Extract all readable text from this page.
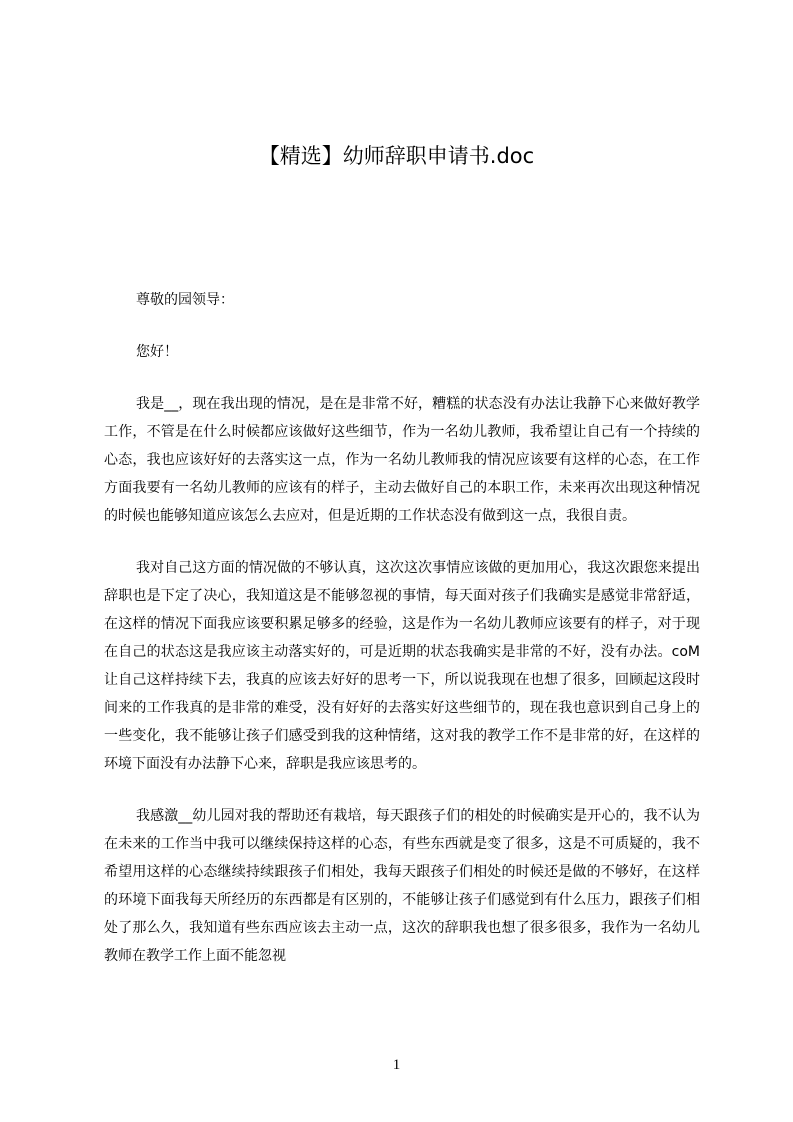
【精选】幼师辞职申请书.doc

尊敬的园领导：

您好！

我是__，现在我出现的情况，是在是非常不好，糟糕的状态没有办法让我静下心来做好教学工作，不管是在什么时候都应该做好这些细节，作为一名幼儿教师，我希望让自己有一个持续的心态，我也应该好好的去落实这一点，作为一名幼儿教师我的情况应该要有这样的心态，在工作方面我要有一名幼儿教师的应该有的样子，主动去做好自己的本职工作，未来再次出现这种情况的时候也能够知道应该怎么去应对，但是近期的工作状态没有做到这一点，我很自责。

我对自己这方面的情况做的不够认真，这次这次事情应该做的更加用心，我这次跟您来提出辞职也是下定了决心，我知道这是不能够忽视的事情，每天面对孩子们我确实是感觉非常舒适，在这样的情况下面我应该要积累足够多的经验，这是作为一名幼儿教师应该要有的样子，对于现在自己的状态这是我应该主动落实好的，可是近期的状态我确实是非常的不好，没有办法。coM让自己这样持续下去，我真的应该去好好的思考一下，所以说我现在也想了很多，回顾起这段时间来的工作我真的是非常的难受，没有好好的去落实好这些细节的，现在我也意识到自己身上的一些变化，我不能够让孩子们感受到我的这种情绪，这对我的教学工作不是非常的好，在这样的环境下面没有办法静下心来，辞职是我应该思考的。

我感激__幼儿园对我的帮助还有栽培，每天跟孩子们的相处的时候确实是开心的，我不认为在未来的工作当中我可以继续保持这样的心态，有些东西就是变了很多，这是不可质疑的，我不希望用这样的心态继续持续跟孩子们相处，我每天跟孩子们相处的时候还是做的不够好，在这样的环境下面我每天所经历的东西都是有区别的，不能够让孩子们感觉到有什么压力，跟孩子们相处了那么久，我知道有些东西应该去主动一点，这次的辞职我也想了很多很多，我作为一名幼儿教师在教学工作上面不能忽视

1
